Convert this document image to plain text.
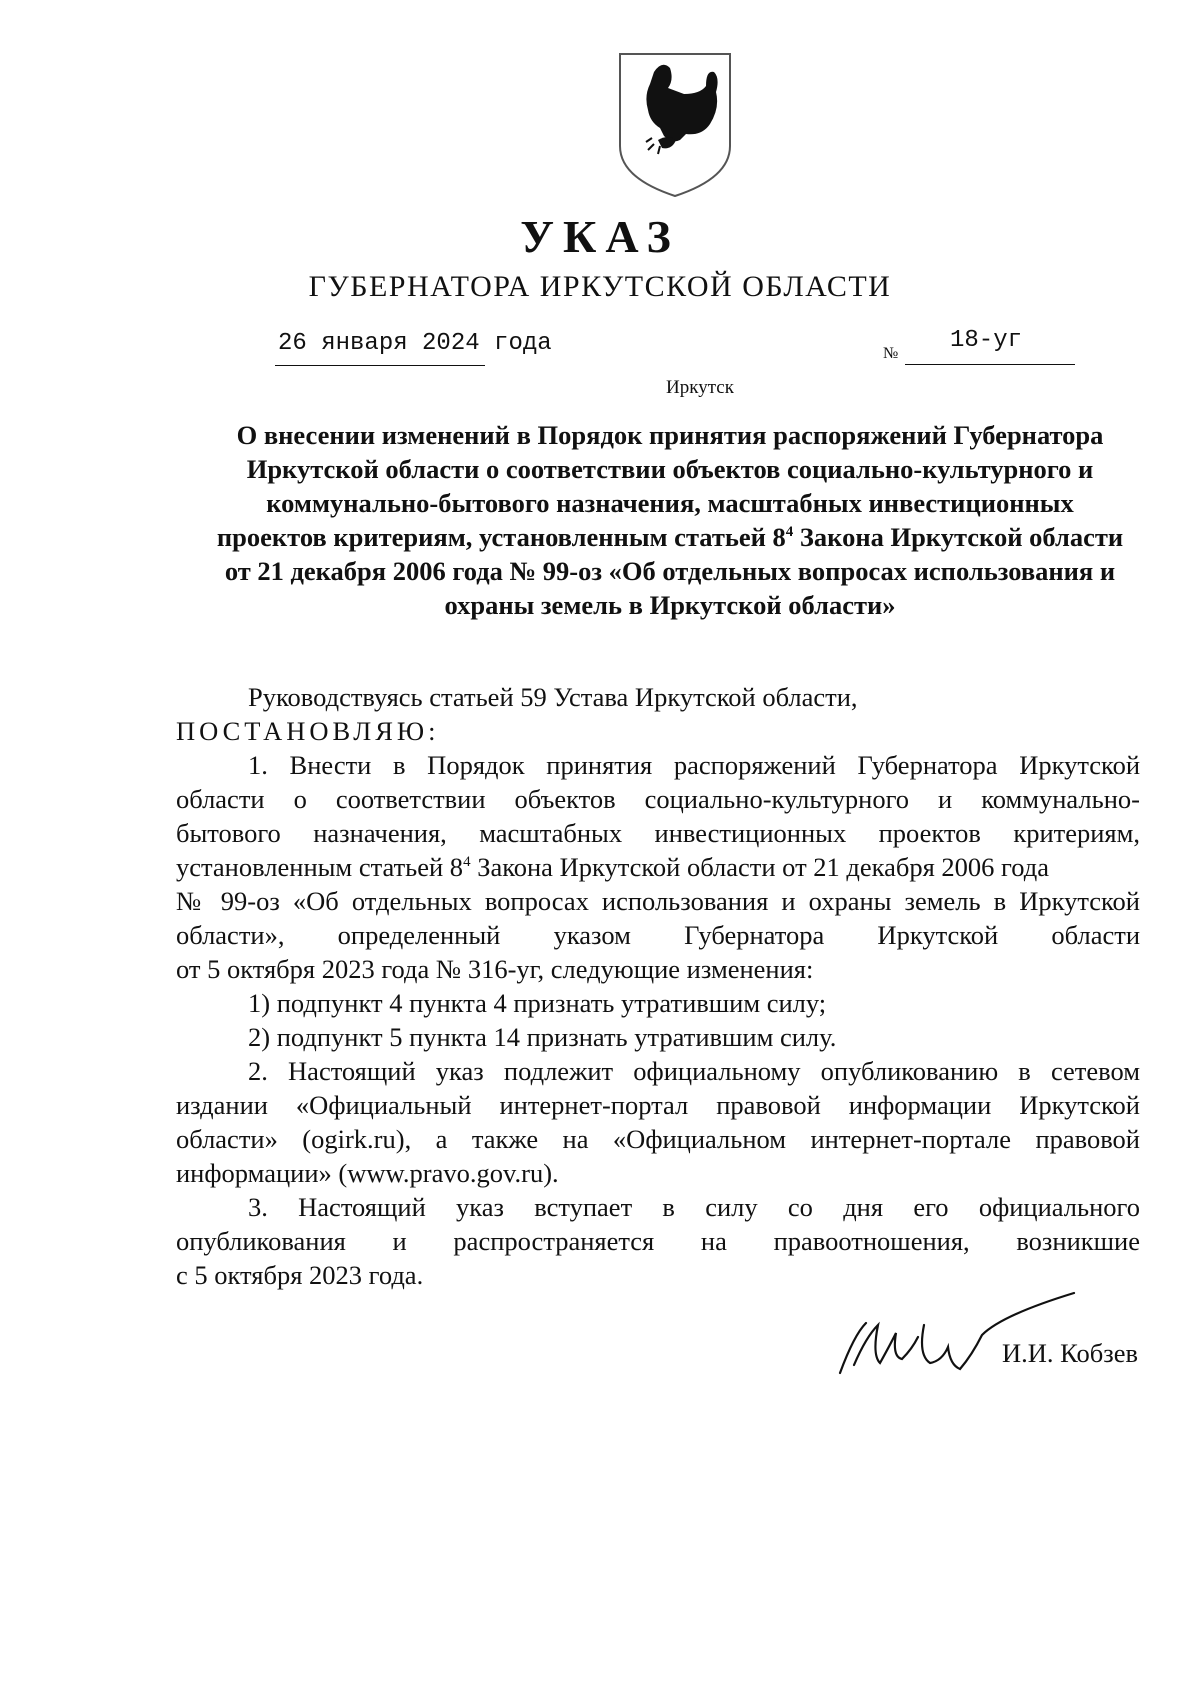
УКАЗ
ГУБЕРНАТОРА ИРКУТСКОЙ ОБЛАСТИ
26 января 2024 года	№ 18-уг
Иркутск
О внесении изменений в Порядок принятия распоряжений Губернатора
Иркутской области о соответствии объектов социально-культурного и
коммунально-бытового назначения, масштабных инвестиционных
проектов критериям, установленным статьей $8^4$ Закона Иркутской области
от 21 декабря 2006 года № 99-оз «Об отдельных вопросах использования и
охраны земель в Иркутской области»
Руководствуясь статьей 59 Устава Иркутской области,
ПОСТАНОВЛЯЮ:
1. Внести в Порядок принятия распоряжений Губернатора Иркутской
области о соответствии объектов социально-культурного и коммунально-
бытового назначения, масштабных инвестиционных проектов критериям,
установленным статьей $8^4$ Закона Иркутской области от 21 декабря 2006 года
№ 99-оз «Об отдельных вопросах использования и охраны земель в Иркутской
области», определенный указом Губернатора Иркутской области
от 5 октября 2023 года № 316-уг, следующие изменения:
1) подпункт 4 пункта 4 признать утратившим силу;
2) подпункт 5 пункта 14 признать утратившим силу.
2. Настоящий указ подлежит официальному опубликованию в сетевом
издании «Официальный интернет-портал правовой информации Иркутской
области» (ogirk.ru), а также на «Официальном интернет-портале правовой
информации» (www.pravo.gov.ru).
3. Настоящий указ вступает в силу со дня его официального
опубликования и распространяется на правоотношения, возникшие
с 5 октября 2023 года.
И.И. Кобзев
